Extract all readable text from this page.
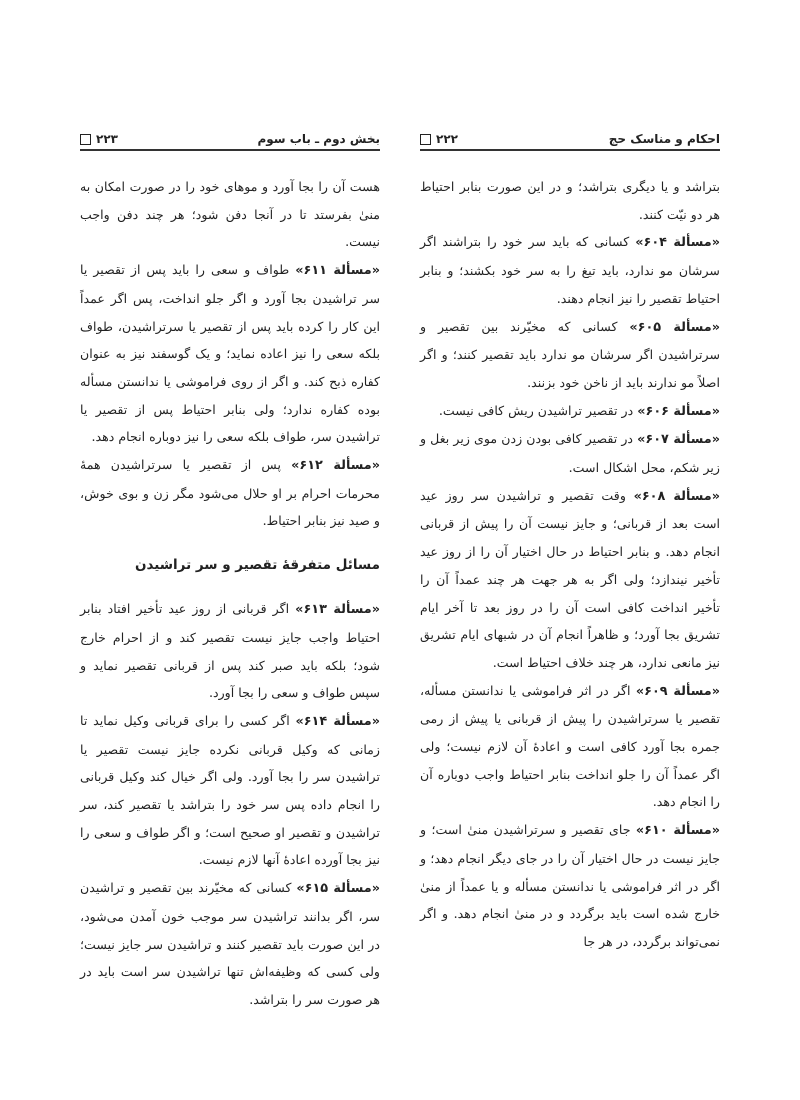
بخش دوم ـ باب سوم
۲۲۳

هست آن را بجا آورد و موهای خود را در صورت امکان به منیٰ بفرستد تا در آنجا دفن شود؛ هر چند دفن واجب نیست.

«مسألة ۶۱۱» طواف و سعی را باید پس از تقصیر یا سر تراشیدن بجا آورد و اگر جلو انداخت، پس اگر عمداً این کار را کرده باید پس از تقصیر یا سرتراشیدن، طواف بلکه سعی را نیز اعاده نماید؛ و یک گوسفند نیز به عنوان کفاره ذبح کند. و اگر از روی فراموشی یا ندانستن مسأله بوده کفاره ندارد؛ ولی بنابر احتیاط پس از تقصیر یا تراشیدن سر، طواف بلکه سعی را نیز دوباره انجام دهد.

«مسألة ۶۱۲» پس از تقصیر یا سرتراشیدن همهٔ محرمات احرام بر او حلال می‌شود مگر زن و بوی خوش، و صید نیز بنابر احتیاط.

مسائل متفرقهٔ تقصیر و سر تراشیدن

«مسألة ۶۱۳» اگر قربانی از روز عید تأخیر افتاد بنابر احتیاط واجب جایز نیست تقصیر کند و از احرام خارج شود؛ بلکه باید صبر کند پس از قربانی تقصیر نماید و سپس طواف و سعی را بجا آورد.

«مسألة ۶۱۴» اگر کسی را برای قربانی وکیل نماید تا زمانی که وکیل قربانی نکرده جایز نیست تقصیر یا تراشیدن سر را بجا آورد. ولی اگر خیال کند وکیل قربانی را انجام داده پس سر خود را بتراشد یا تقصیر کند، سر تراشیدن و تقصیر او صحیح است؛ و اگر طواف و سعی را نیز بجا آورده اعادهٔ آنها لازم نیست.

«مسألة ۶۱۵» کسانی که مخیّرند بین تقصیر و تراشیدن سر، اگر بدانند تراشیدن سر موجب خون آمدن می‌شود، در این صورت باید تقصیر کنند و تراشیدن سر جایز نیست؛ ولی کسی که وظیفه‌اش تنها تراشیدن سر است باید در هر صورت سر را بتراشد.

احکام و مناسک حج
۲۲۲

بتراشد و یا دیگری بتراشد؛ و در این صورت بنابر احتیاط هر دو نیّت کنند.

«مسألة ۶۰۴» کسانی که باید سر خود را بتراشند اگر سرشان مو ندارد، باید تیغ را به سر خود بکشند؛ و بنابر احتیاط تقصیر را نیز انجام دهند.

«مسألة ۶۰۵» کسانی که مخیّرند بین تقصیر و سرتراشیدن اگر سرشان مو ندارد باید تقصیر کنند؛ و اگر اصلاً مو ندارند باید از ناخن خود بزنند.

«مسألة ۶۰۶» در تقصیر تراشیدن ریش کافی نیست.

«مسألة ۶۰۷» در تقصیر کافی بودن زدن موی زیر بغل و زیر شکم، محل اشکال است.

«مسألة ۶۰۸» وقت تقصیر و تراشیدن سر روز عید است بعد از قربانی؛ و جایز نیست آن را پیش از قربانی انجام دهد. و بنابر احتیاط در حال اختیار آن را از روز عید تأخیر نیندازد؛ ولی اگر به هر جهت هر چند عمداً آن را تأخیر انداخت کافی است آن را در روز بعد تا آخر ایام تشریق بجا آورد؛ و ظاهراً انجام آن در شبهای ایام تشریق نیز مانعی ندارد، هر چند خلاف احتیاط است.

«مسألة ۶۰۹» اگر در اثر فراموشی یا ندانستن مسأله، تقصیر یا سرتراشیدن را پیش از قربانی یا پیش از رمی جمره بجا آورد کافی است و اعادهٔ آن لازم نیست؛ ولی اگر عمداً آن را جلو انداخت بنابر احتیاط واجب دوباره آن را انجام دهد.

«مسألة ۶۱۰» جای تقصیر و سرتراشیدن منیٰ است؛ و جایز نیست در حال اختیار آن را در جای دیگر انجام دهد؛ و اگر در اثر فراموشی یا ندانستن مسأله و یا عمداً از منیٰ خارج شده است باید برگردد و در منیٰ انجام دهد. و اگر نمی‌تواند برگردد، در هر جا
